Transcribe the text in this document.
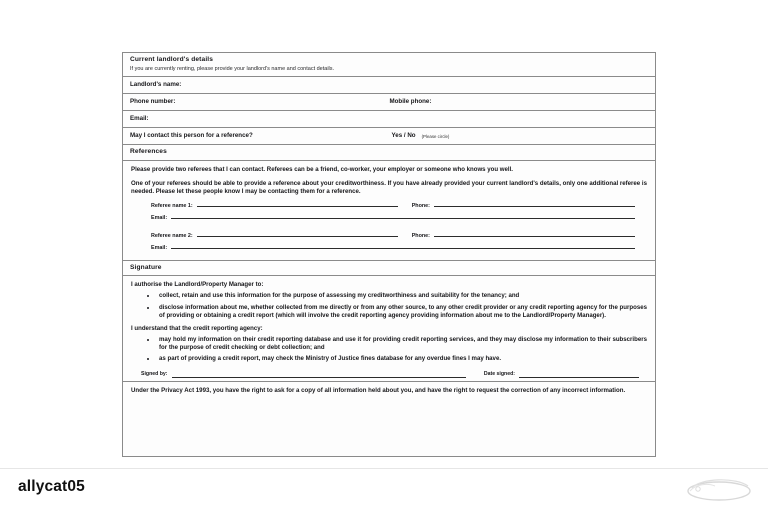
Current landlord's details
If you are currently renting, please provide your landlord's name and contact details.
Landlord's name:
Phone number:	Mobile phone:
Email:
May I contact this person for a reference?	Yes / No (Please circle)
References

Please provide two referees that I can contact. Referees can be a friend, co-worker, your employer or someone who knows you well.

One of your referees should be able to provide a reference about your creditworthiness. If you have already provided your current landlord's details, only one additional referee is needed. Please let these people know I may be contacting them for a reference.

Referee name 1:	Phone:
Email:
Referee name 2:	Phone:
Email:
Signature

I authorise the Landlord/Property Manager to:

• collect, retain and use this information for the purpose of assessing my creditworthiness and suitability for the tenancy; and
• disclose information about me, whether collected from me directly or from any other source, to any other credit provider or any credit reporting agency for the purposes of providing or obtaining a credit report (which will involve the credit reporting agency providing information about me to the Landlord/Property Manager).

I understand that the credit reporting agency:

• may hold my information on their credit reporting database and use it for providing credit reporting services, and they may disclose my information to their subscribers for the purpose of credit checking or debt collection; and
• as part of providing a credit report, may check the Ministry of Justice fines database for any overdue fines I may have.
Signed by:	Date signed:
Under the Privacy Act 1993, you have the right to ask for a copy of all information held about you, and have the right to request the correction of any incorrect information.
allycat05
